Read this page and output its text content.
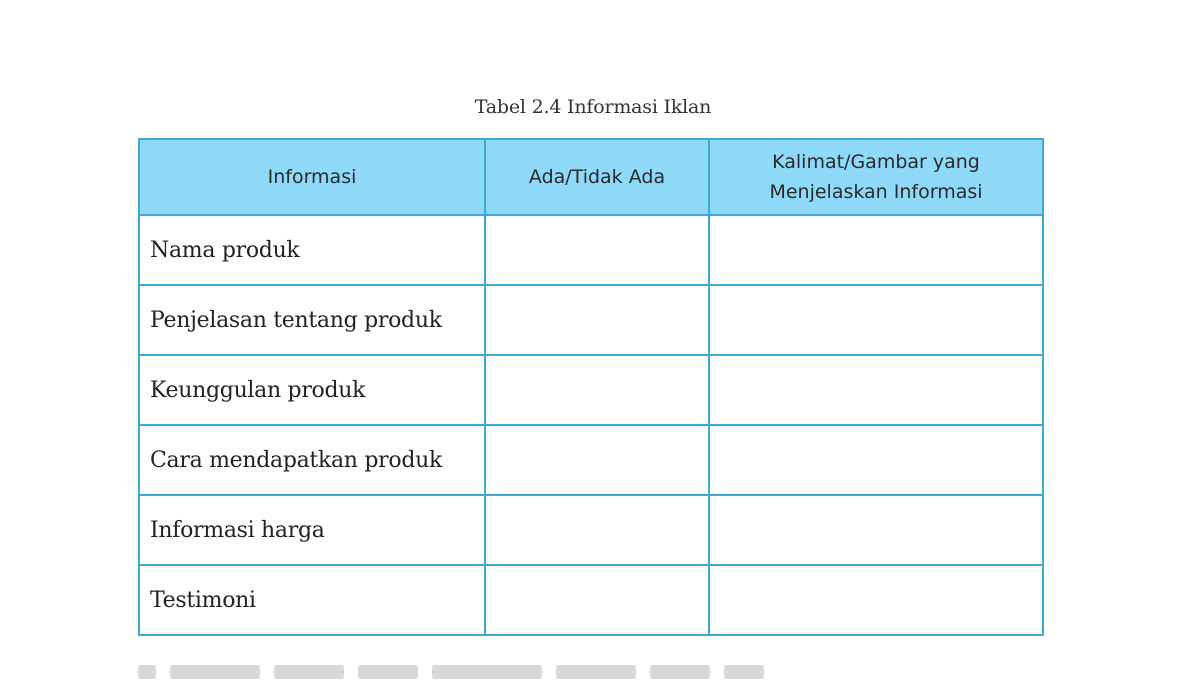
Tabel 2.4 Informasi Iklan
Informasi	Ada/Tidak Ada	Kalimat/Gambar yang
Menjelaskan Informasi
Nama produk		
Penjelasan tentang produk		
Keunggulan produk		
Cara mendapatkan produk		
Informasi harga		
Testimoni		
